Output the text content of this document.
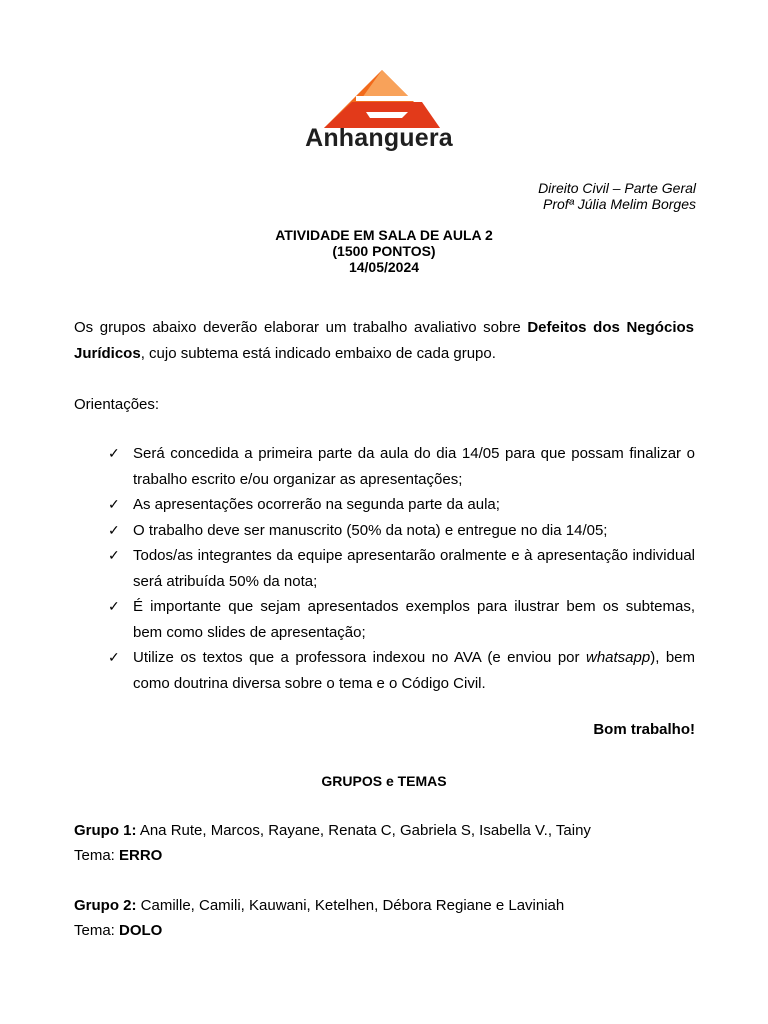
Anhanguera
Direito Civil – Parte Geral
Profª Júlia Melim Borges
ATIVIDADE EM SALA DE AULA 2
(1500 PONTOS)
14/05/2024
Os grupos abaixo deverão elaborar um trabalho avaliativo sobre Defeitos dos Negócios Jurídicos, cujo subtema está indicado embaixo de cada grupo.
Orientações:
✓ Será concedida a primeira parte da aula do dia 14/05 para que possam finalizar o trabalho escrito e/ou organizar as apresentações;
✓ As apresentações ocorrerão na segunda parte da aula;
✓ O trabalho deve ser manuscrito (50% da nota) e entregue no dia 14/05;
✓ Todos/as integrantes da equipe apresentarão oralmente e à apresentação individual será atribuída 50% da nota;
✓ É importante que sejam apresentados exemplos para ilustrar bem os subtemas, bem como slides de apresentação;
✓ Utilize os textos que a professora indexou no AVA (e enviou por whatsapp), bem como doutrina diversa sobre o tema e o Código Civil.
Bom trabalho!
GRUPOS e TEMAS
Grupo 1: Ana Rute, Marcos, Rayane, Renata C, Gabriela S, Isabella V., Tainy
Tema: ERRO
Grupo 2: Camille, Camili, Kauwani, Ketelhen, Débora Regiane e Laviniah
Tema: DOLO
